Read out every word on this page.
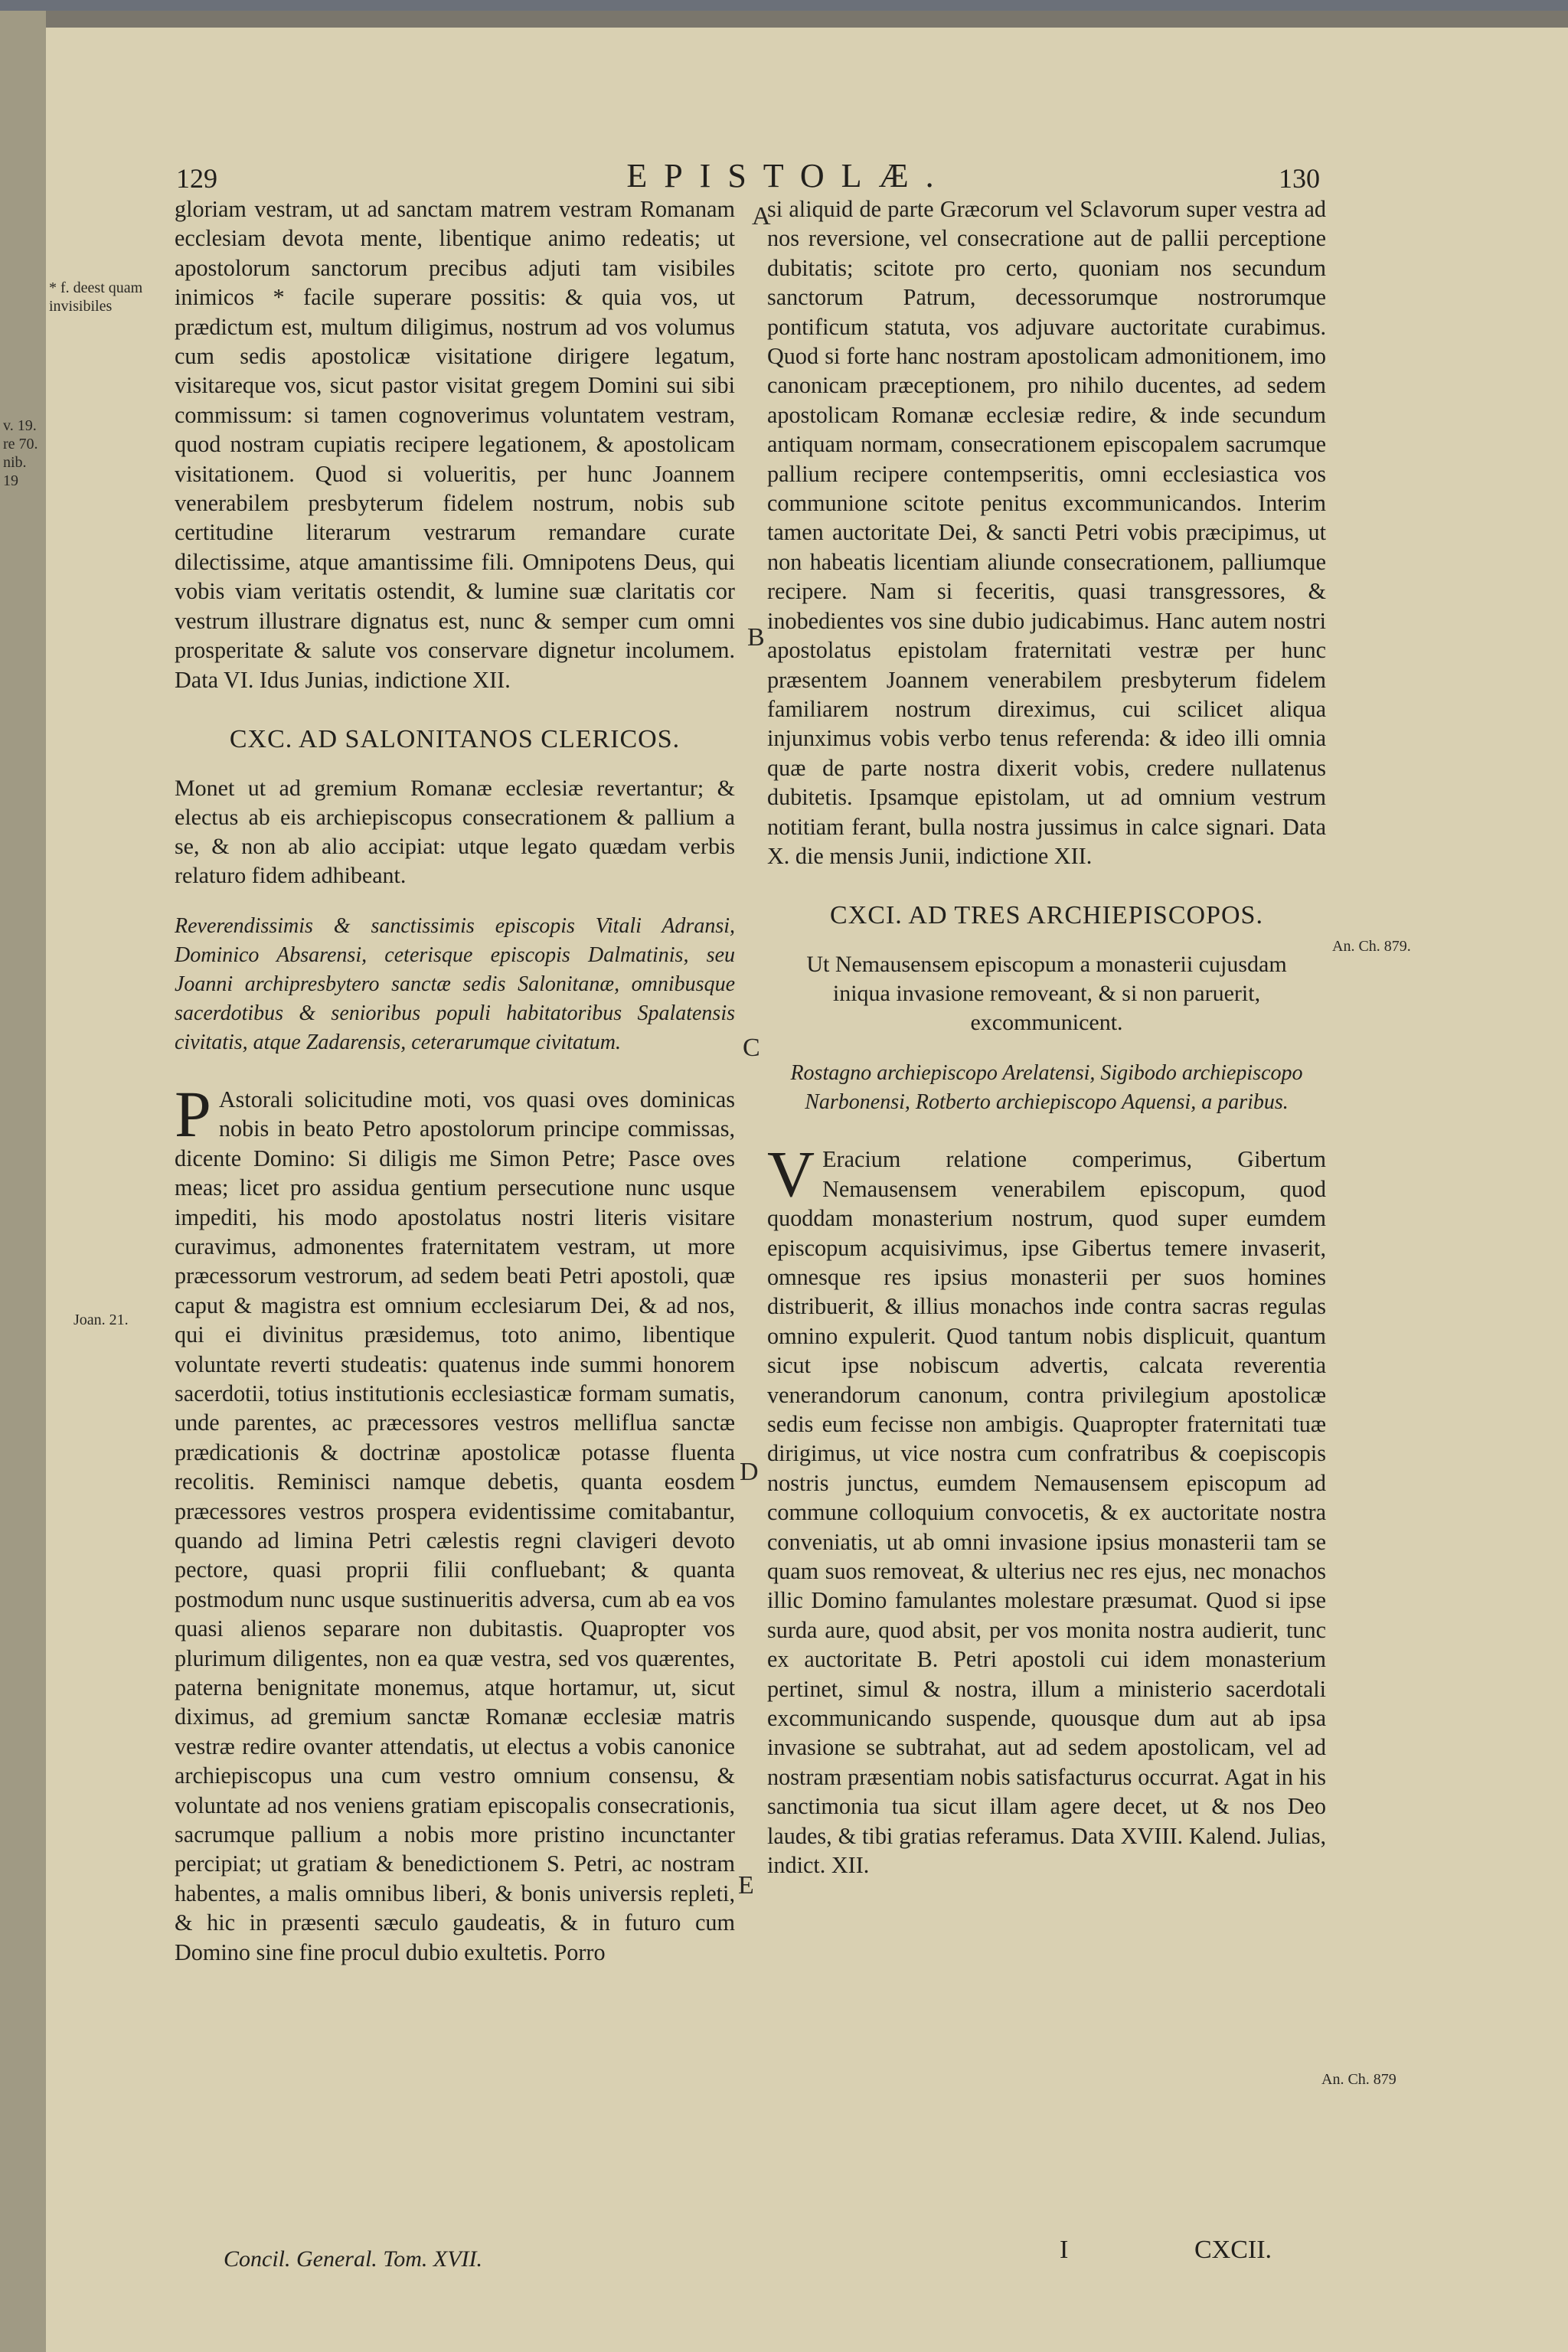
129	EPISTOLÆ.	130

gloriam vestram, ut ad sanctam matrem vestram Romanam ecclesiam devota mente, libentique animo redeatis; ut apostolorum sanctorum precibus adjuti tam visibiles inimicos * facile superare possitis: & quia vos, ut prædictum est, multum diligimus, nostrum ad vos volumus cum sedis apostolicæ visitatione dirigere legatum, visitareque vos, sicut pastor visitat gregem Domini sui sibi commissum: si tamen cognoverimus voluntatem vestram, quod nostram cupiatis recipere legationem, & apostolicam visitationem. Quod si volueritis, per hunc Joannem venerabilem presbyterum fidelem nostrum, nobis sub certitudine literarum vestrarum remandare curate dilectissime, atque amantissime fili. Omnipotens Deus, qui vobis viam veritatis ostendit, & lumine suæ claritatis cor vestrum illustrare dignatus est, nunc & semper cum omni prosperitate & salute vos conservare dignetur incolumem. Data VI. Idus Junias, indictione XII.

CXC. AD SALONITANOS CLERICOS.

Monet ut ad gremium Romanæ ecclesiæ revertantur; & electus ab eis archiepiscopus consecrationem & pallium a se, & non ab alio accipiat: utque legato quædam verbis relaturo fidem adhibeant.

Reverendissimis & sanctissimis episcopis Vitali Adransi, Dominico Absarensi, ceterisque episcopis Dalmatinis, seu Joanni archipresbytero sanctæ sedis Salonitanæ, omnibusque sacerdotibus & senioribus populi habitatoribus Spalatensis civitatis, atque Zadarensis, ceterarumque civitatum.

P Astorali solicitudine moti, vos quasi oves dominicas nobis in beato Petro apostolorum principe commissas, dicente Domino: Si diligis me Simon Petre; Pasce oves meas; licet pro assidua gentium persecutione nunc usque impediti, his modo apostolatus nostri literis visitare curavimus, admonentes fraternitatem vestram, ut more præcessorum vestrorum, ad sedem beati Petri apostoli, quæ caput & magistra est omnium ecclesiarum Dei, & ad nos, qui ei divinitus præsidemus, toto animo, libentique voluntate reverti studeatis: quatenus inde summi honorem sacerdotii, totius institutionis ecclesiasticæ formam sumatis, unde parentes, ac præcessores vestros melliflua sanctæ prædicationis & doctrinæ apostolicæ potasse fluenta recolitis. Reminisci namque debetis, quanta eosdem præcessores vestros prospera evidentissime comitabantur, quando ad limina Petri cælestis regni clavigeri devoto pectore, quasi proprii filii confluebant; & quanta postmodum nunc usque sustinueritis adversa, cum ab ea vos quasi alienos separare non dubitastis. Quapropter vos plurimum diligentes, non ea quæ vestra, sed vos quærentes, paterna benignitate monemus, atque hortamur, ut, sicut diximus, ad gremium sanctæ Romanæ ecclesiæ matris vestræ redire ovanter attendatis, ut electus a vobis canonice archiepiscopus una cum vestro omnium consensu, & voluntate ad nos veniens gratiam episcopalis consecrationis, sacrumque pallium a nobis more pristino incunctanter percipiat; ut gratiam & benedictionem S. Petri, ac nostram habentes, a malis omnibus liberi, & bonis universis repleti, & hic in præsenti sæculo gaudeatis, & in futuro cum Domino sine fine procul dubio exultetis. Porro

si aliquid de parte Græcorum vel Sclavorum super vestra ad nos reversione, vel consecratione aut de pallii perceptione dubitatis; scitote pro certo, quoniam nos secundum sanctorum Patrum, decessorumque nostrorumque pontificum statuta, vos adjuvare auctoritate curabimus. Quod si forte hanc nostram apostolicam admonitionem, imo canonicam præceptionem, pro nihilo ducentes, ad sedem apostolicam Romanæ ecclesiæ redire, & inde secundum antiquam normam, consecrationem episcopalem sacrumque pallium recipere contempseritis, omni ecclesiastica vos communione scitote penitus excommunicandos. Interim tamen auctoritate Dei, & sancti Petri vobis præcipimus, ut non habeatis licentiam aliunde consecrationem, palliumque recipere. Nam si feceritis, quasi transgressores, & inobedientes vos sine dubio judicabimus. Hanc autem nostri apostolatus epistolam fraternitati vestræ per hunc præsentem Joannem venerabilem presbyterum fidelem familiarem nostrum direximus, cui scilicet aliqua injunximus vobis verbo tenus referenda: & ideo illi omnia quæ de parte nostra dixerit vobis, credere nullatenus dubitetis. Ipsamque epistolam, ut ad omnium vestrum notitiam ferant, bulla nostra jussimus in calce signari. Data X. die mensis Junii, indictione XII.

CXCI. AD TRES ARCHIEPISCOPOS.

Ut Nemausensem episcopum a monasterii cujusdam iniqua invasione removeant, & si non paruerit, excommunicent.

Rostagno archiepiscopo Arelatensi, Sigibodo archiepiscopo Narbonensi, Rotberto archiepiscopo Aquensi, a paribus.

V Eracium relatione comperimus, Gibertum Nemausensem venerabilem episcopum, quod quoddam monasterium nostrum, quod super eumdem episcopum acquisivimus, ipse Gibertus temere invaserit, omnesque res ipsius monasterii per suos homines distribuerit, & illius monachos inde contra sacras regulas omnino expulerit. Quod tantum nobis displicuit, quantum sicut ipse nobiscum advertis, calcata reverentia venerandorum canonum, contra privilegium apostolicæ sedis eum fecisse non ambigis. Quapropter fraternitati tuæ dirigimus, ut vice nostra cum confratribus & coepiscopis nostris junctus, eumdem Nemausensem episcopum ad commune colloquium convocetis, & ex auctoritate nostra conveniatis, ut ab omni invasione ipsius monasterii tam se quam suos removeat, & ulterius nec res ejus, nec monachos illic Domino famulantes molestare præsumat. Quod si ipse surda aure, quod absit, per vos monita nostra audierit, tunc ex auctoritate B. Petri apostoli cui idem monasterium pertinet, simul & nostra, illum a ministerio sacerdotali excommunicando suspende, quousque dum aut ab ipsa invasione se subtrahat, aut ad sedem apostolicam, vel ad nostram præsentiam nobis satisfacturus occurrat. Agat in his sanctimonia tua sicut illam agere decet, ut & nos Deo laudes, & tibi gratias referamus. Data XVIII. Kalend. Julias, indict. XII.

* f. deest quam invisibiles
v. 19. re 70. nib. 19
Joan. 21.
An. Ch. 879.
An. Ch. 879
A
B
C
D
E
Concil. General. Tom. XVII.	I	CXCII.
